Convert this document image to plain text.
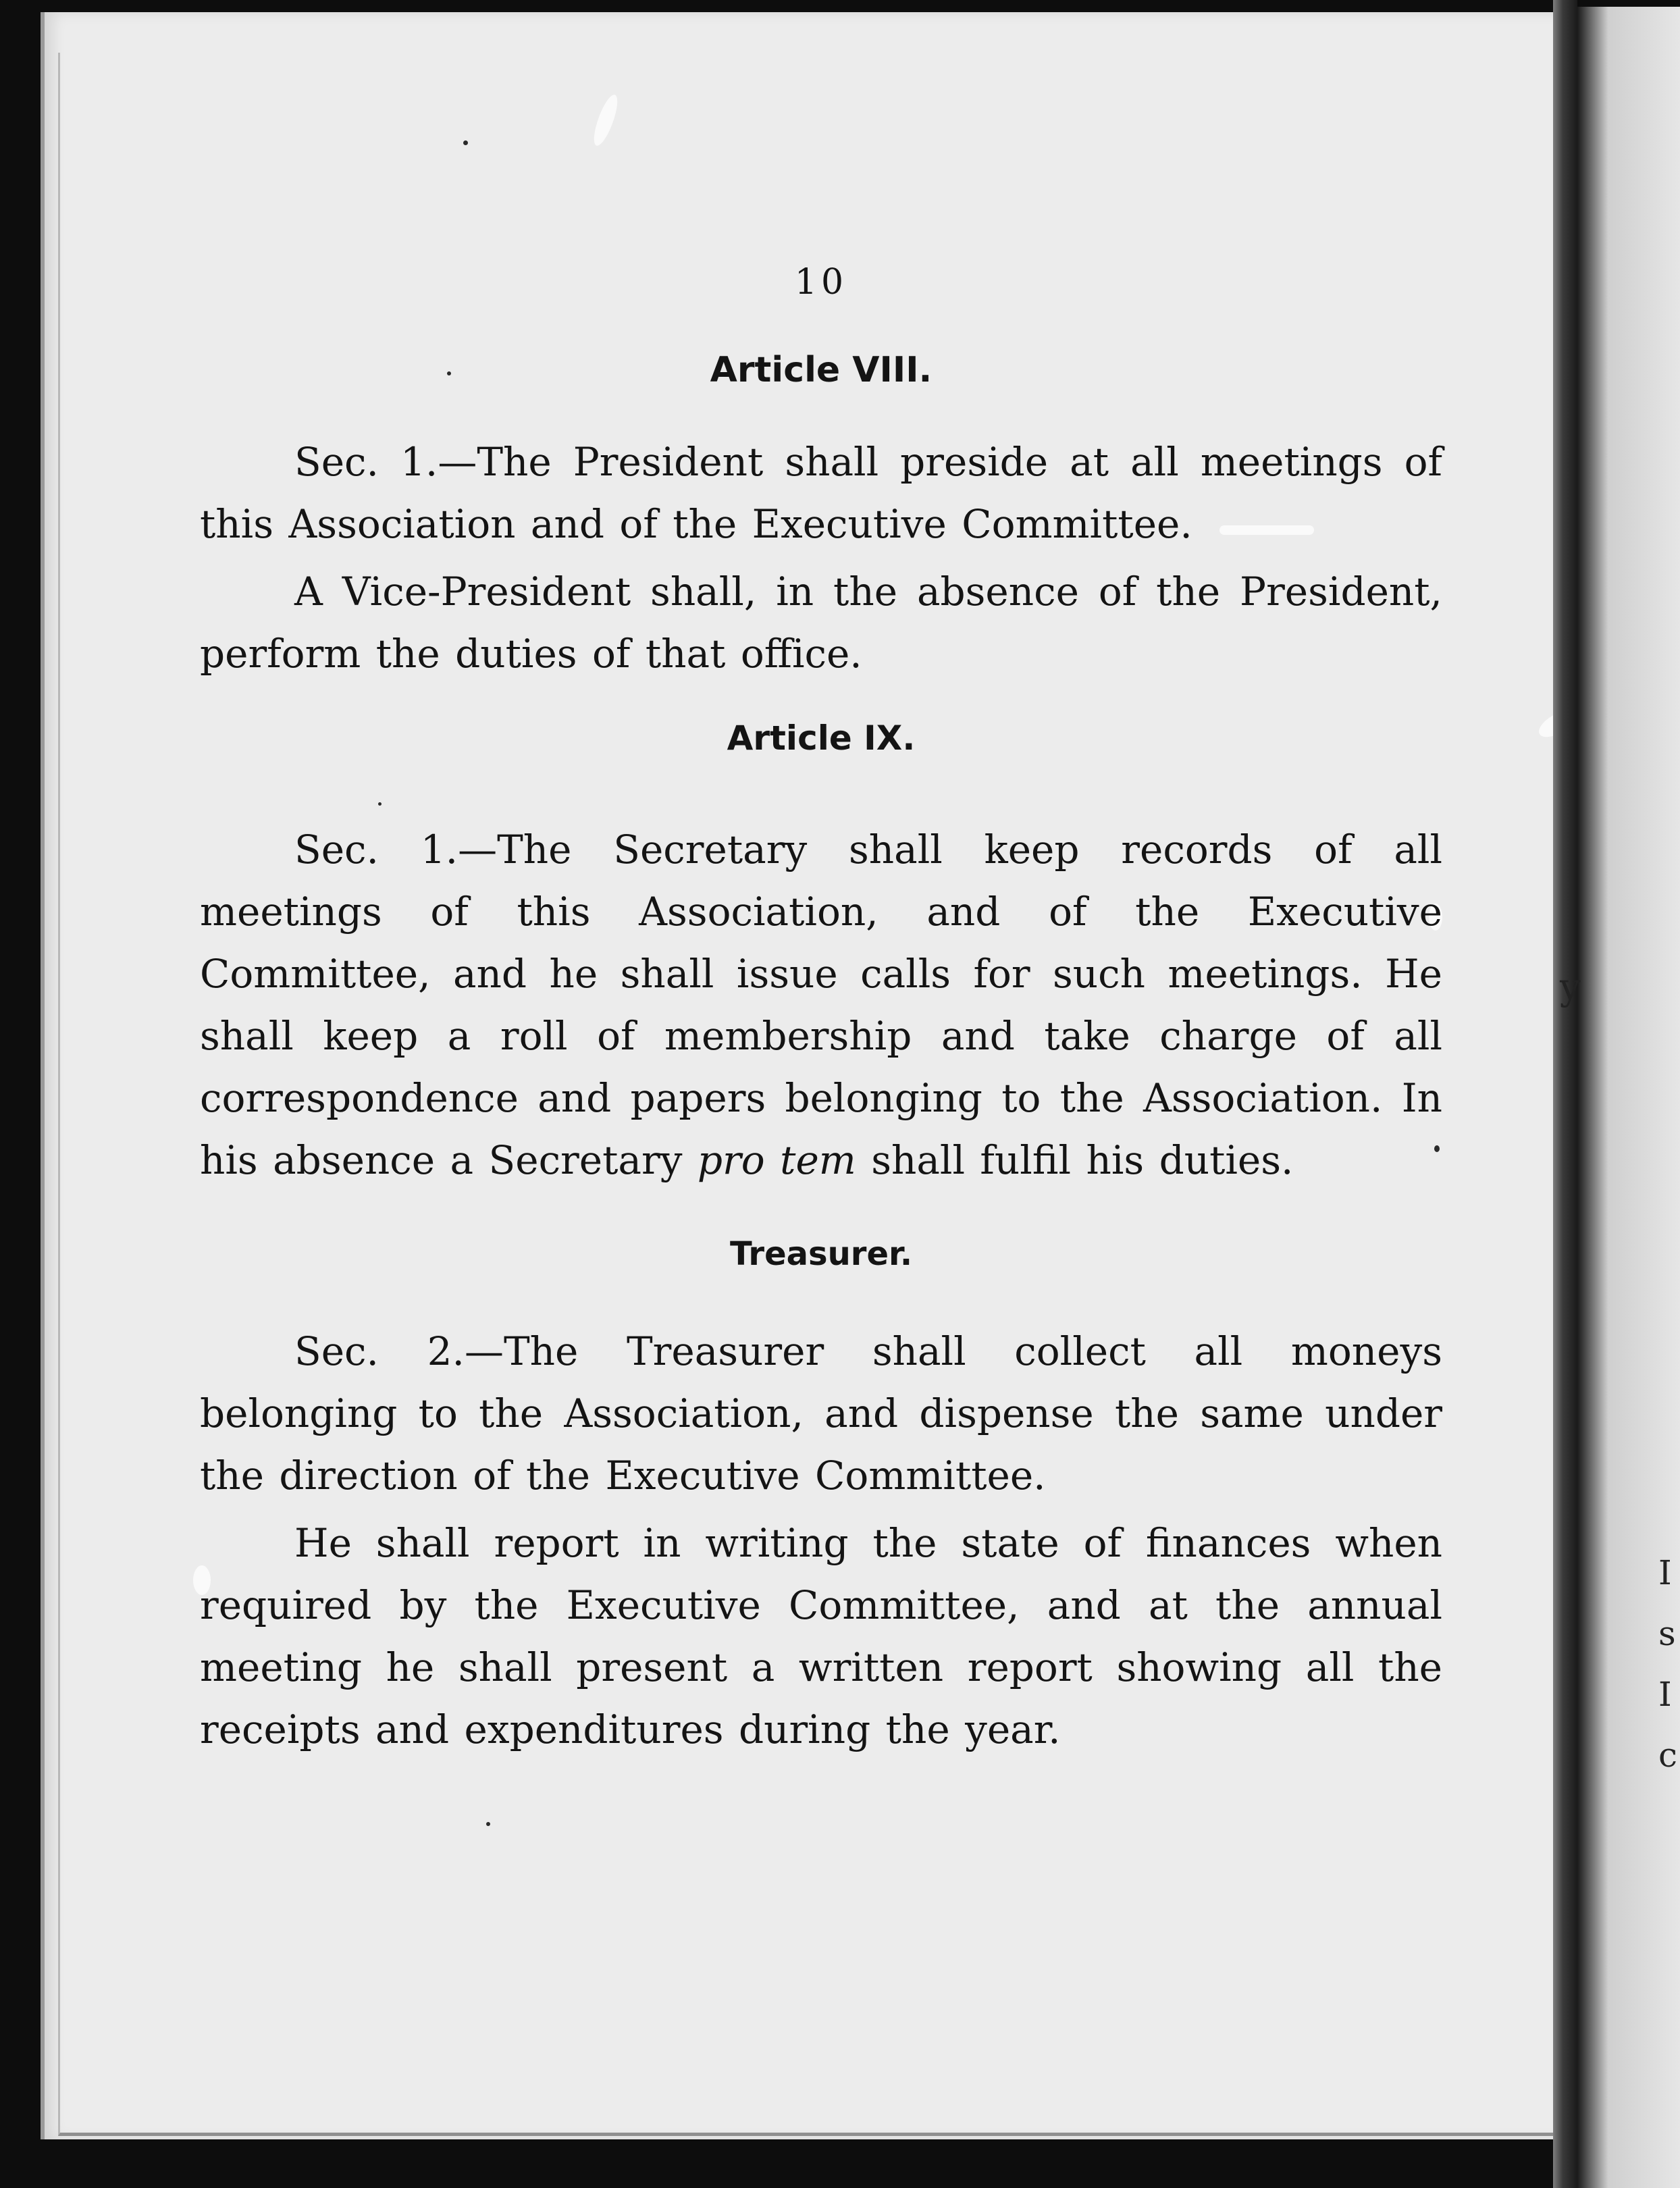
10
Article VIII.

Sec. 1.—The President shall preside at all meetings of this Association and of the Executive Committee.

A Vice-President shall, in the absence of the President, perform the duties of that office.

Article IX.

Sec. 1.—The Secretary shall keep records of all meetings of this Association, and of the Executive Committee, and he shall issue calls for such meetings. He shall keep a roll of membership and take charge of all correspondence and papers belonging to the Association. In his absence a Secretary pro tem shall fulfil his duties.

Treasurer.

Sec. 2.—The Treasurer shall collect all moneys belonging to the Association, and dispense the same under the direction of the Executive Committee.

He shall report in writing the state of finances when required by the Executive Committee, and at the annual meeting he shall present a written report showing all the receipts and expenditures during the year.

y
I
s
I
c
